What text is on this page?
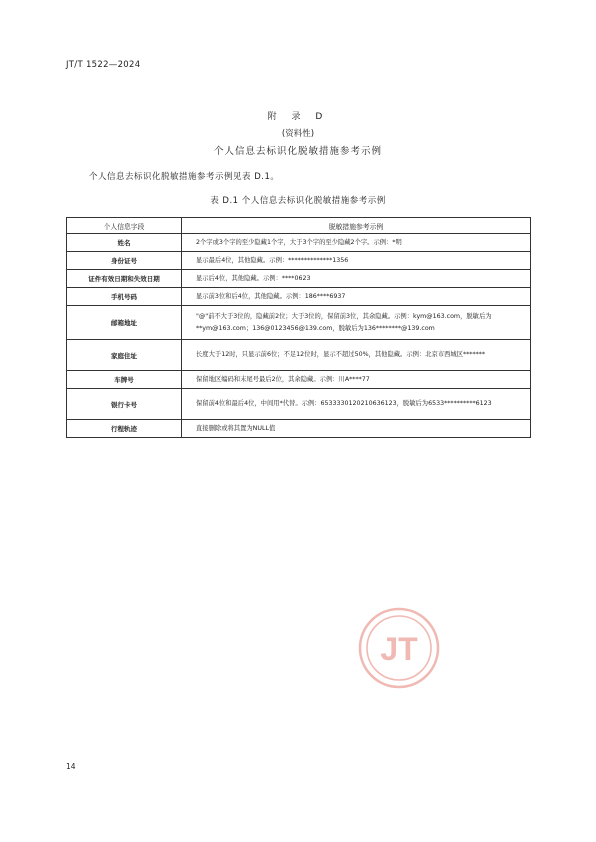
JT/T 1522—2024
附 录 D
(资料性)
个人信息去标识化脱敏措施参考示例
个人信息去标识化脱敏措施参考示例见表 D.1。
表 D.1 个人信息去标识化脱敏措施参考示例
个人信息字段	脱敏措施参考示例
姓名	2个字或3个字的至少隐藏1个字，大于3个字的至少隐藏2个字。示例：*明
身份证号	显示最后4位，其他隐藏。示例：**************1356
证件有效日期和失效日期	显示后4位，其他隐藏。示例：****0623
手机号码	显示前3位和后4位，其他隐藏。示例：186****6937
邮箱地址	"@"前不大于3位的，隐藏前2位；大于3位的，保留前3位，其余隐藏。示例：kym@163.com，脱敏后为**ym@163.com；136@0123456@139.com，脱敏后为136********@139.com
家庭住址	长度大于12时，只显示前6位；不足12位时，显示不超过50%，其他隐藏。示例：北京市西城区*******
车牌号	保留地区编码和末尾号最后2位，其余隐藏。示例：川A****77
银行卡号	保留前4位和最后4位，中间用*代替。示例：6533330120210636123，脱敏后为6533**********6123
行程轨迹	直接删除或将其置为NULL值
JT
14
